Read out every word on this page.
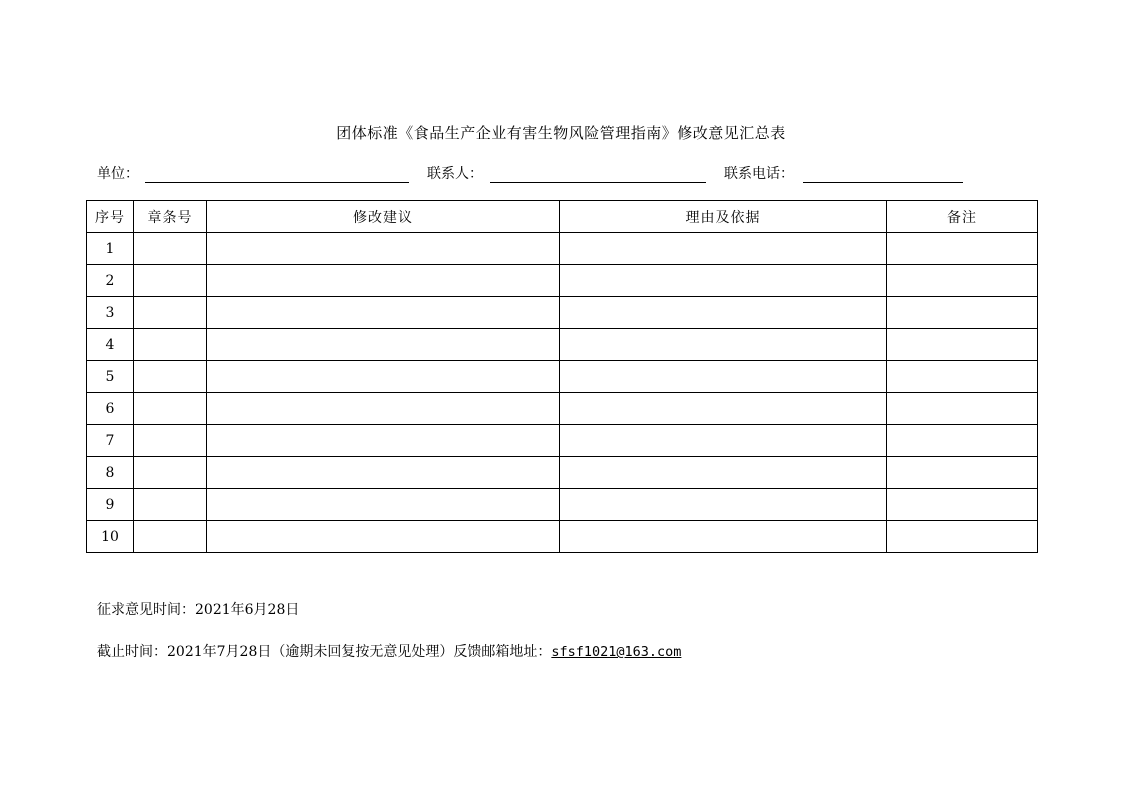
团体标准《食品生产企业有害生物风险管理指南》修改意见汇总表
单位：	联系人：	联系电话：
序号	章条号	修改建议	理由及依据	备注
1				
2				
3				
4				
5				
6				
7				
8				
9				
10				
征求意见时间：2021年6月28日
截止时间：2021年7月28日（逾期未回复按无意见处理）反馈邮箱地址：sfsf1021@163.com
